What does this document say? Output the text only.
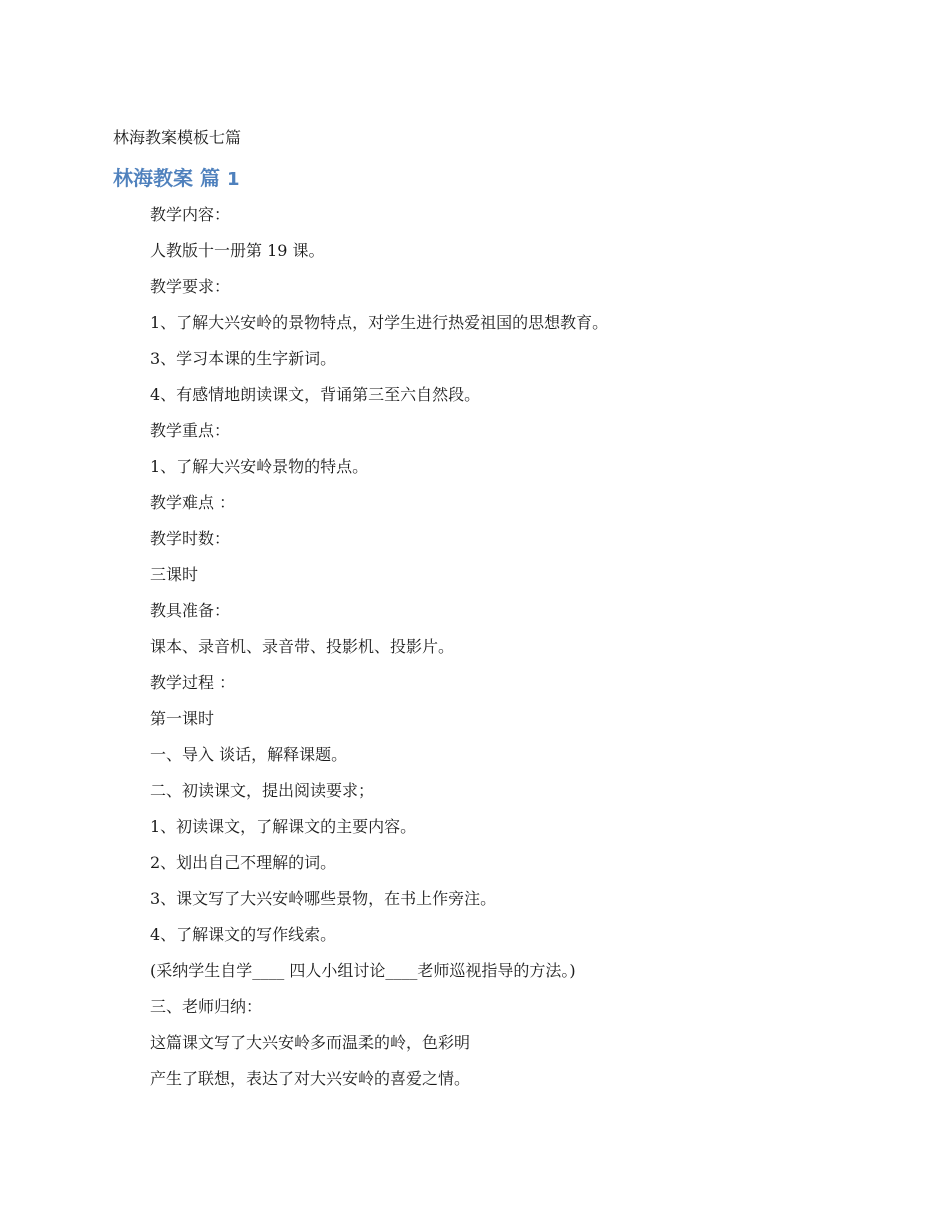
林海教案模板七篇

林海教案 篇 1
教学内容：
人教版十一册第 19 课。
教学要求：
1、了解大兴安岭的景物特点，对学生进行热爱祖国的思想教育。
3、学习本课的生字新词。
4、有感情地朗读课文，背诵第三至六自然段。
教学重点：
1、了解大兴安岭景物的特点。
教学难点 ：
教学时数：
三课时
教具准备：
课本、录音机、录音带、投影机、投影片。
教学过程 ：
第一课时
一、导入 谈话，解释课题。
二、初读课文，提出阅读要求；
1、初读课文，了解课文的主要内容。
2、划出自己不理解的词。
3、课文写了大兴安岭哪些景物，在书上作旁注。
4、了解课文的写作线索。
(采纳学生自学____ 四人小组讨论____老师巡视指导的方法。)
三、老师归纳：
这篇课文写了大兴安岭多而温柔的岭，色彩明
产生了联想，表达了对大兴安岭的喜爱之情。
